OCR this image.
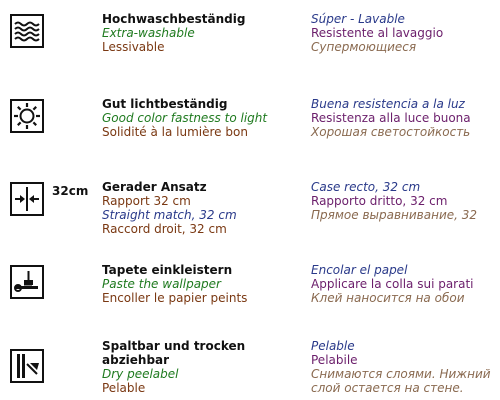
Hochwaschbeständig
Extra-washable
Lessivable
Súper - Lavable
Resistente al lavaggio
Супермоющиеся
Gut lichtbeständig
Good color fastness to light
Solidité à la lumière bon
Buena resistencia a la luz
Resistenza alla luce buona
Хорошая светостойкость
32cm Gerader Ansatz
Rapport 32 cm
Straight match, 32 cm
Raccord droit, 32 cm
Case recto, 32 cm
Rapporto dritto, 32 cm
Прямое выравнивание, 32
Tapete einkleistern
Paste the wallpaper
Encoller le papier peints
Encolar el papel
Applicare la colla sui parati
Клей наносится на обои
Spaltbar und trocken abziehbar
Dry peelabel
Pelable
Pelable
Pelabile
Снимаются слоями. Нижний слой остается на стене.
